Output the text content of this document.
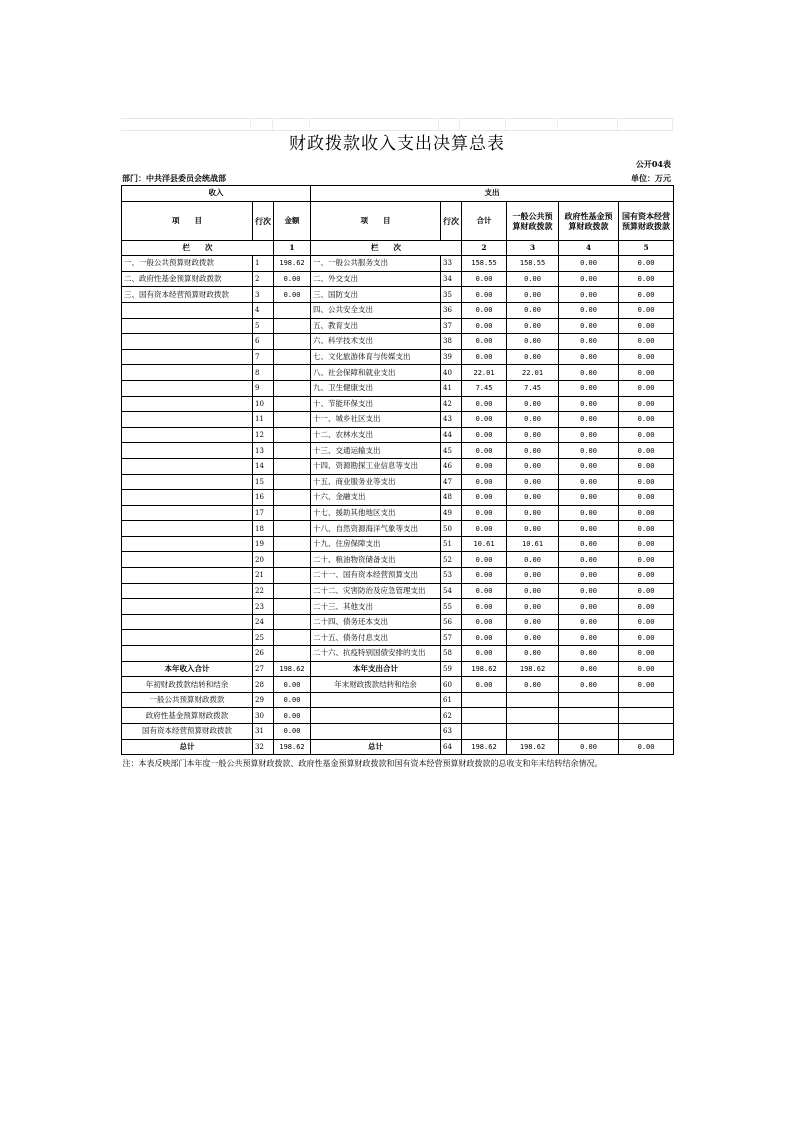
财政拨款收入支出决算总表
公开04表
部门：中共洋县委员会统战部	单位：万元
收入			支出					
项　　目	行次	金额	项　　目	行次	合计	一般公共预算财政拨款	政府性基金预算财政拨款	国有资本经营预算财政拨款
栏　　次		1	栏　　次		2	3	4	5
一、一般公共预算财政拨款	1	198.62	一、一般公共服务支出	33	158.55	158.55	0.00	0.00
二、政府性基金预算财政拨款	2	0.00	二、外交支出	34	0.00	0.00	0.00	0.00
三、国有资本经营预算财政拨款	3	0.00	三、国防支出	35	0.00	0.00	0.00	0.00
	4		四、公共安全支出	36	0.00	0.00	0.00	0.00
	5		五、教育支出	37	0.00	0.00	0.00	0.00
	6		六、科学技术支出	38	0.00	0.00	0.00	0.00
	7		七、文化旅游体育与传媒支出	39	0.00	0.00	0.00	0.00
	8		八、社会保障和就业支出	40	22.01	22.01	0.00	0.00
	9		九、卫生健康支出	41	7.45	7.45	0.00	0.00
	10		十、节能环保支出	42	0.00	0.00	0.00	0.00
	11		十一、城乡社区支出	43	0.00	0.00	0.00	0.00
	12		十二、农林水支出	44	0.00	0.00	0.00	0.00
	13		十三、交通运输支出	45	0.00	0.00	0.00	0.00
	14		十四、资源勘探工业信息等支出	46	0.00	0.00	0.00	0.00
	15		十五、商业服务业等支出	47	0.00	0.00	0.00	0.00
	16		十六、金融支出	48	0.00	0.00	0.00	0.00
	17		十七、援助其他地区支出	49	0.00	0.00	0.00	0.00
	18		十八、自然资源海洋气象等支出	50	0.00	0.00	0.00	0.00
	19		十九、住房保障支出	51	10.61	10.61	0.00	0.00
	20		二十、粮油物资储备支出	52	0.00	0.00	0.00	0.00
	21		二十一、国有资本经营预算支出	53	0.00	0.00	0.00	0.00
	22		二十二、灾害防治及应急管理支出	54	0.00	0.00	0.00	0.00
	23		二十三、其他支出	55	0.00	0.00	0.00	0.00
	24		二十四、债务还本支出	56	0.00	0.00	0.00	0.00
	25		二十五、债务付息支出	57	0.00	0.00	0.00	0.00
	26		二十六、抗疫特别国债安排的支出	58	0.00	0.00	0.00	0.00
本年收入合计	27	198.62	本年支出合计	59	198.62	198.62	0.00	0.00
年初财政拨款结转和结余	28	0.00	年末财政拨款结转和结余	60	0.00	0.00	0.00	0.00
一般公共预算财政拨款	29	0.00		61				
政府性基金预算财政拨款	30	0.00		62				
国有资本经营预算财政拨款	31	0.00		63				
总计	32	198.62	总计	64	198.62	198.62	0.00	0.00
注：本表反映部门本年度一般公共预算财政拨款、政府性基金预算财政拨款和国有资本经营预算财政拨款的总收支和年末结转结余情况。								
